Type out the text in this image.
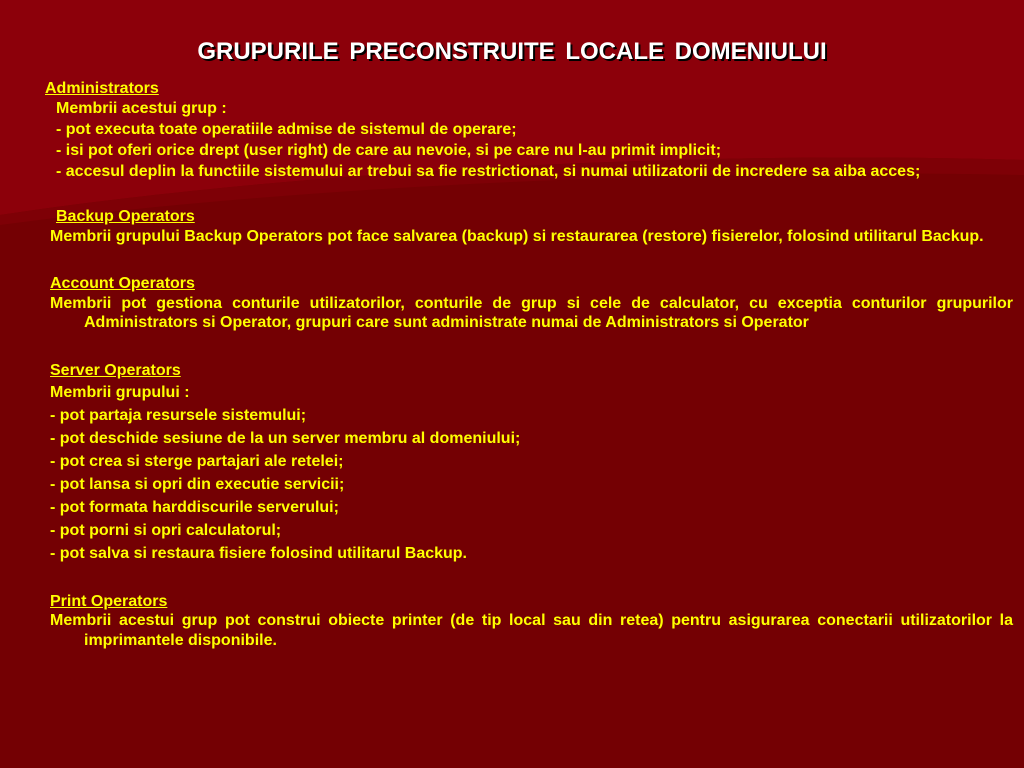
GRUPURILE PRECONSTRUITE LOCALE DOMENIULUI
Administrators
Membrii acestui grup :
- pot executa toate operatiile admise de sistemul de operare;
- isi pot oferi orice drept (user right) de care au nevoie, si pe care nu l-au primit implicit;
- accesul deplin la functiile sistemului ar trebui sa fie restrictionat, si numai utilizatorii de incredere sa aiba acces;
Backup Operators
Membrii grupului Backup Operators pot face salvarea (backup) si restaurarea (restore) fisierelor, folosind utilitarul Backup.
Account Operators
Membrii pot gestiona conturile utilizatorilor, conturile de grup si cele de calculator, cu exceptia conturilor grupurilor Administrators si Operator, grupuri care sunt administrate numai de Administrators si Operator
Server Operators
Membrii grupului :
- pot partaja resursele sistemului;
- pot deschide sesiune de la un server membru al domeniului;
- pot crea si sterge partajari ale retelei;
- pot lansa si opri din executie servicii;
- pot formata harddiscurile serverului;
- pot porni si opri calculatorul;
- pot salva si restaura fisiere folosind utilitarul Backup.
Print Operators
Membrii acestui grup pot construi obiecte printer (de tip local sau din retea) pentru asigurarea conectarii utilizatorilor la imprimantele disponibile.
